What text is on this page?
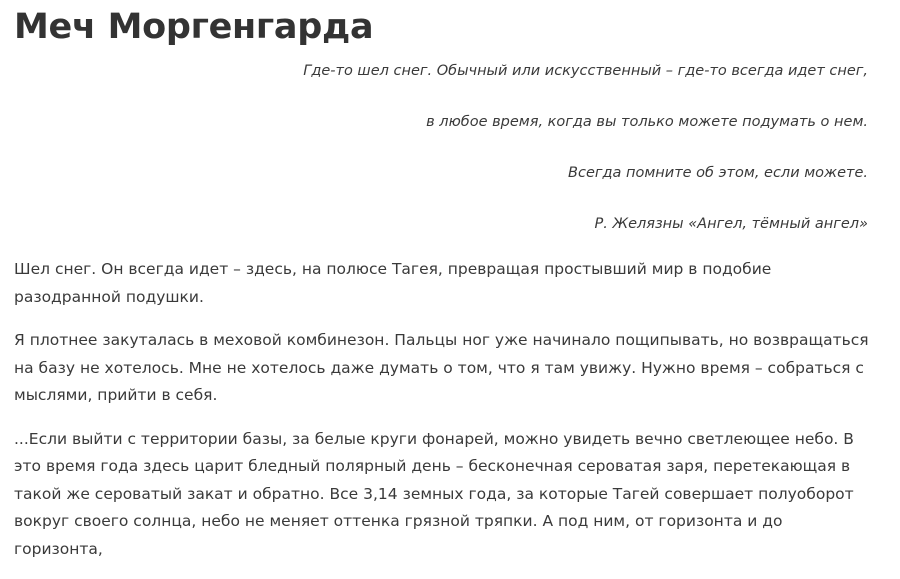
Меч Моргенгарда

Где-то шел снег. Обычный или искусственный – где-то всегда идет снег,

в любое время, когда вы только можете подумать о нем.

Всегда помните об этом, если можете.

Р. Желязны «Ангел, тёмный ангел»

Шел снег. Он всегда идет – здесь, на полюсе Тагея, превращая простывший мир в подобие разодранной подушки.

Я плотнее закуталась в меховой комбинезон. Пальцы ног уже начинало пощипывать, но возвращаться на базу не хотелось. Мне не хотелось даже думать о том, что я там увижу. Нужно время – собраться с мыслями, прийти в себя.

...Если выйти с территории базы, за белые круги фонарей, можно увидеть вечно светлеющее небо. В это время года здесь царит бледный полярный день – бесконечная сероватая заря, перетекающая в такой же сероватый закат и обратно. Все 3,14 земных года, за которые Тагей совершает полуоборот вокруг своего солнца, небо не меняет оттенка грязной тряпки. А под ним, от горизонта и до горизонта,
